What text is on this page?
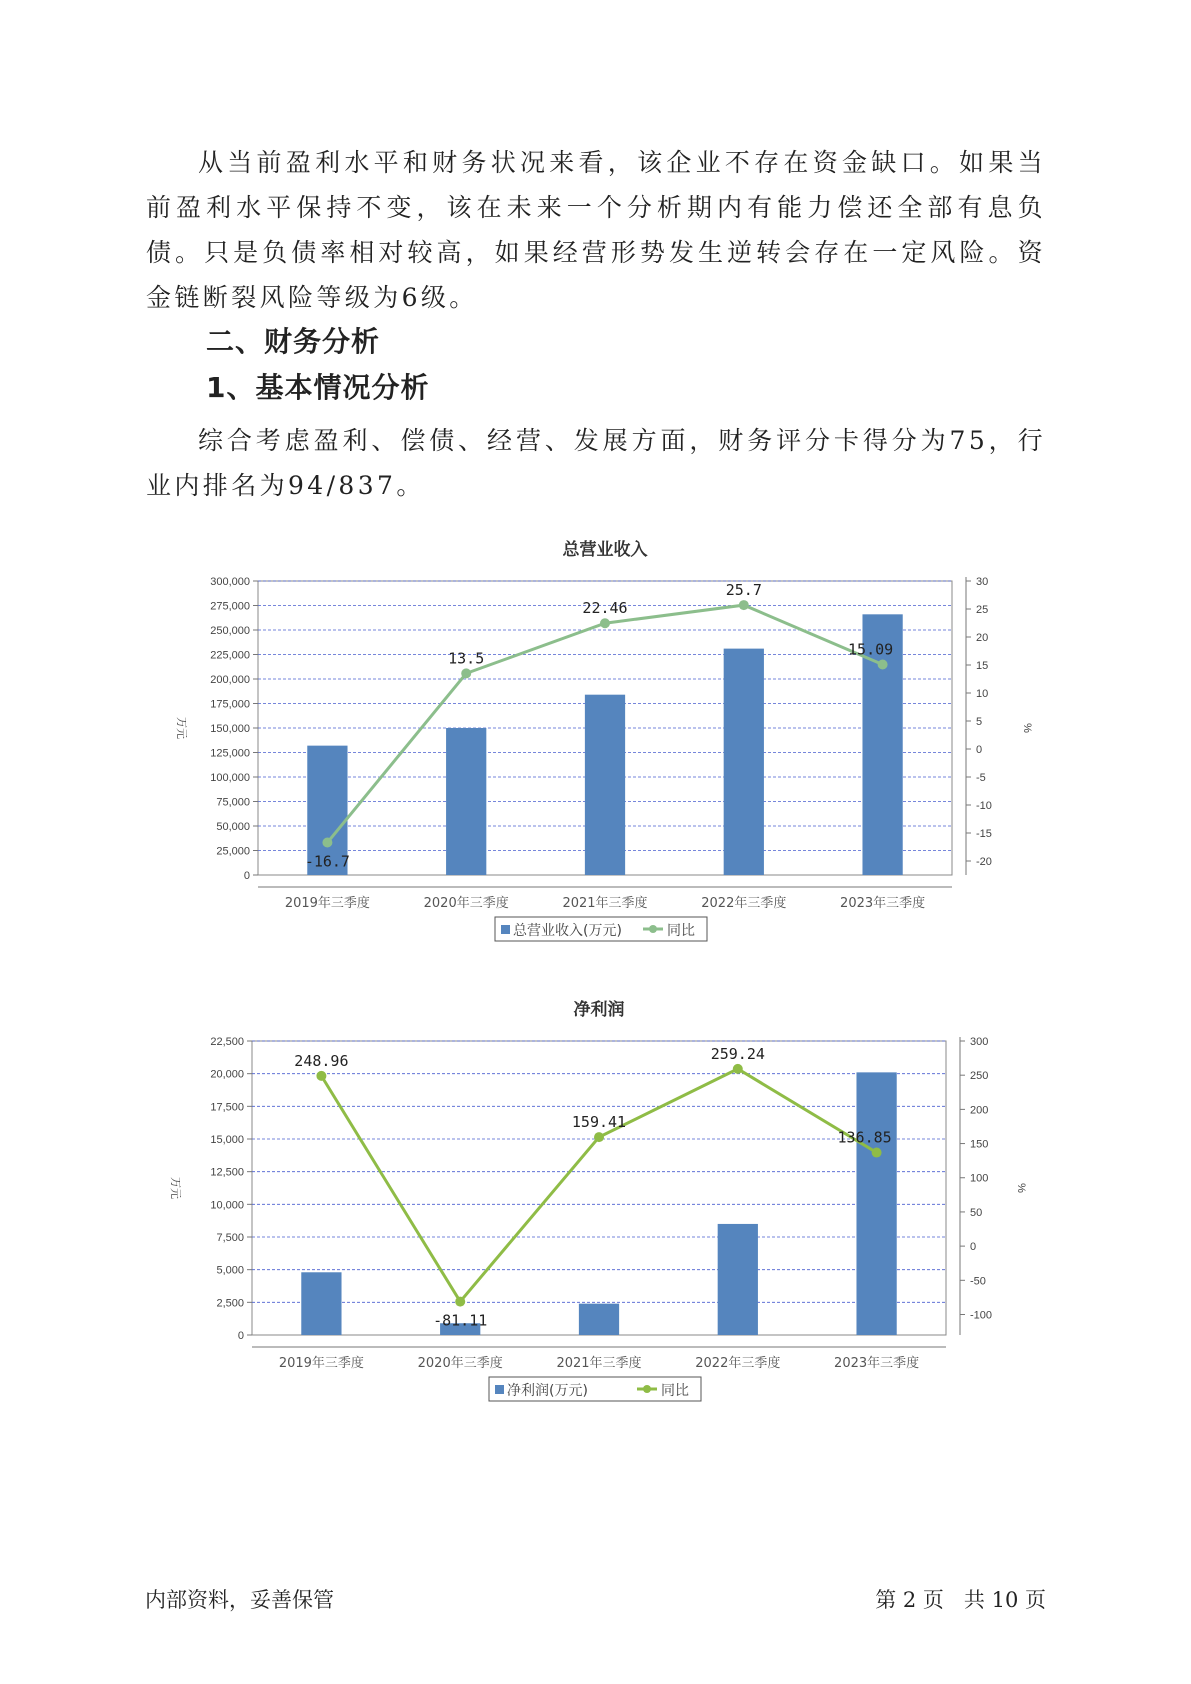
从当前盈利水平和财务状况来看，该企业不存在资金缺口。如果当前盈利水平保持不变，该在未来一个分析期内有能力偿还全部有息负债。只是负债率相对较高，如果经营形势发生逆转会存在一定风险。资金链断裂风险等级为6级。
二、财务分析
1、基本情况分析
综合考虑盈利、偿债、经营、发展方面，财务评分卡得分为75，行业内排名为94/837。
总营业收入
0
25,000
50,000
75,000
100,000
125,000
150,000
175,000
200,000
225,000
250,000
275,000
300,000
-20
-15
-10
-5
0
5
10
15
20
25
30
万元	%
2019年三季度	2020年三季度	2021年三季度	2022年三季度	2023年三季度
-16.7
13.5
22.46
25.7
15.09
总营业收入(万元)	同比
净利润
0
2,500
5,000
7,500
10,000
12,500
15,000
17,500
20,000
22,500
-100
-50
0
50
100
150
200
250
300
万元	%
2019年三季度	2020年三季度	2021年三季度	2022年三季度	2023年三季度
248.96
-81.11
159.41
259.24
136.85
净利润(万元)	同比
内部资料，妥善保管	第 2 页   共 10 页
